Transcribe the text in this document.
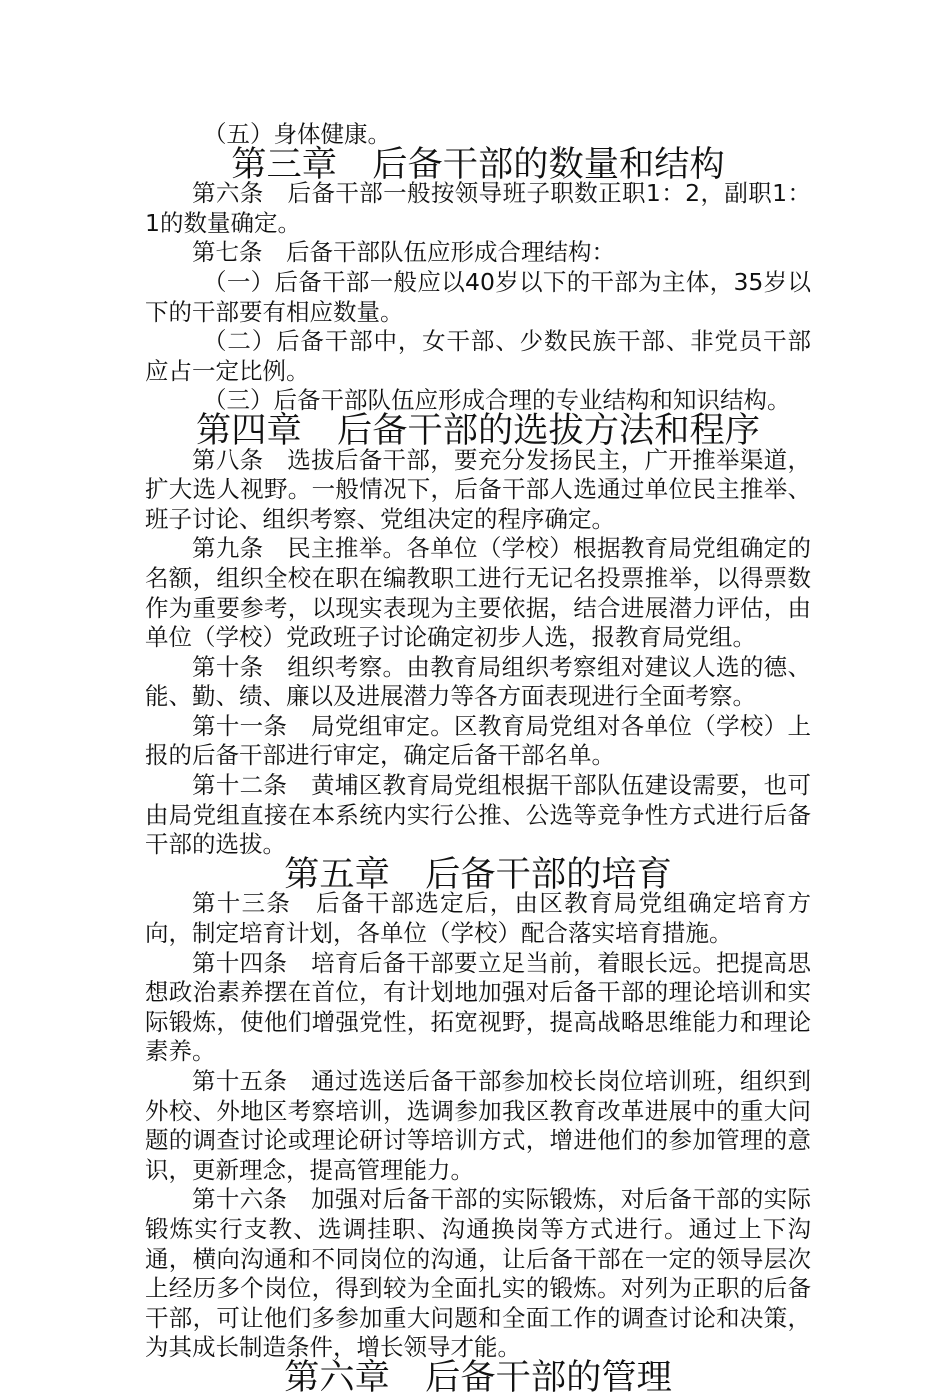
（五）身体健康。

第三章　后备干部的数量和结构

第六条　后备干部一般按领导班子职数正职1：2，副职1：1的数量确定。

第七条　后备干部队伍应形成合理结构：

（一）后备干部一般应以40岁以下的干部为主体，35岁以下的干部要有相应数量。

（二）后备干部中，女干部、少数民族干部、非党员干部应占一定比例。

（三）后备干部队伍应形成合理的专业结构和知识结构。

第四章　后备干部的选拔方法和程序

第八条　选拔后备干部，要充分发扬民主，广开推举渠道，扩大选人视野。一般情况下，后备干部人选通过单位民主推举、班子讨论、组织考察、党组决定的程序确定。

第九条　民主推举。各单位（学校）根据教育局党组确定的名额，组织全校在职在编教职工进行无记名投票推举，以得票数作为重要参考，以现实表现为主要依据，结合进展潜力评估，由单位（学校）党政班子讨论确定初步人选，报教育局党组。

第十条　组织考察。由教育局组织考察组对建议人选的德、能、勤、绩、廉以及进展潜力等各方面表现进行全面考察。

第十一条　局党组审定。区教育局党组对各单位（学校）上报的后备干部进行审定，确定后备干部名单。

第十二条　黄埔区教育局党组根据干部队伍建设需要，也可由局党组直接在本系统内实行公推、公选等竞争性方式进行后备干部的选拔。

第五章　后备干部的培育

第十三条　后备干部选定后，由区教育局党组确定培育方向，制定培育计划，各单位（学校）配合落实培育措施。

第十四条　培育后备干部要立足当前，着眼长远。把提高思想政治素养摆在首位，有计划地加强对后备干部的理论培训和实际锻炼，使他们增强党性，拓宽视野，提高战略思维能力和理论素养。

第十五条　通过选送后备干部参加校长岗位培训班，组织到外校、外地区考察培训，选调参加我区教育改革进展中的重大问题的调查讨论或理论研讨等培训方式，增进他们的参加管理的意识，更新理念，提高管理能力。

第十六条　加强对后备干部的实际锻炼，对后备干部的实际锻炼实行支教、选调挂职、沟通换岗等方式进行。通过上下沟通，横向沟通和不同岗位的沟通，让后备干部在一定的领导层次上经历多个岗位，得到较为全面扎实的锻炼。对列为正职的后备干部，可让他们多参加重大问题和全面工作的调查讨论和决策，为其成长制造条件，增长领导才能。

第六章　后备干部的管理
